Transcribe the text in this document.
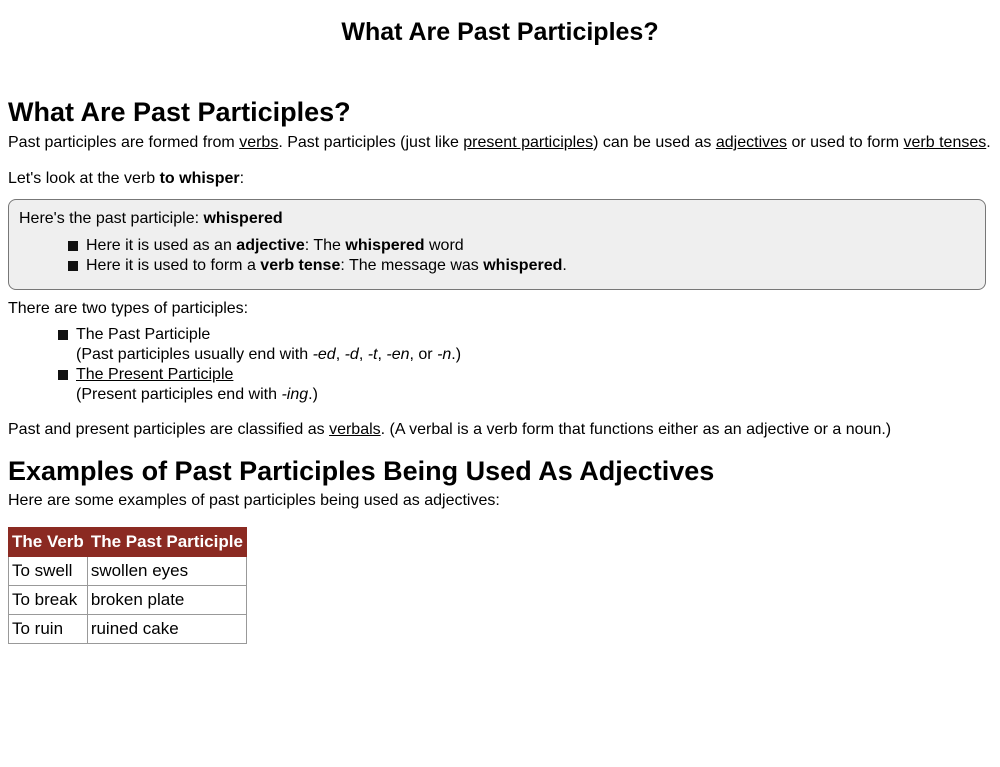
What Are Past Participles?
What Are Past Participles?

Past participles are formed from verbs. Past participles (just like present participles) can be used as adjectives or used to form verb tenses.

Let's look at the verb to whisper:

Here's the past participle: whispered
Here it is used as an adjective: The whispered word
Here it is used to form a verb tense: The message was whispered.

There are two types of participles:

The Past Participle
(Past participles usually end with -ed, -d, -t, -en, or -n.)
The Present Participle
(Present participles end with -ing.)

Past and present participles are classified as verbals. (A verbal is a verb form that functions either as an adjective or a noun.)

Examples of Past Participles Being Used As Adjectives

Here are some examples of past participles being used as adjectives:

The Verb	The Past Participle
To swell	swollen eyes
To break	broken plate
To ruin	ruined cake
